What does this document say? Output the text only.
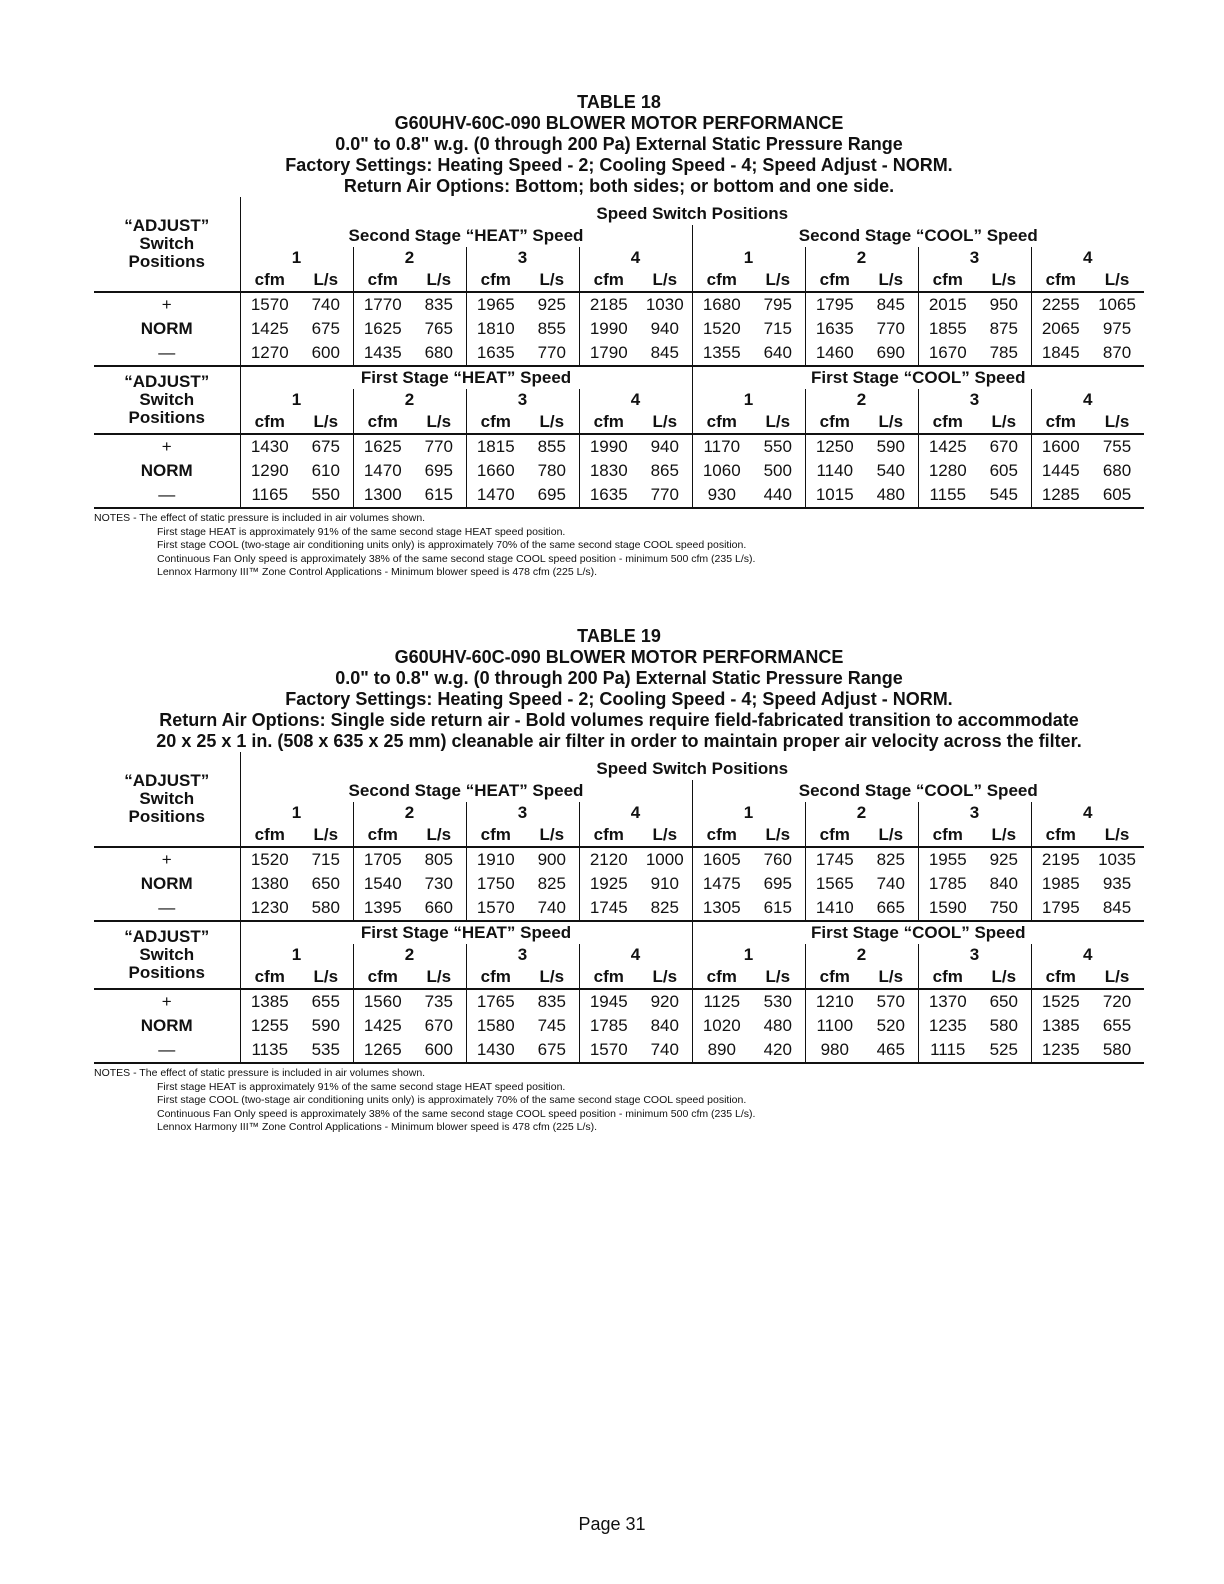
TABLE 18
G60UHV-60C-090 BLOWER MOTOR PERFORMANCE
0.0" to 0.8" w.g. (0 through 200 Pa) External Static Pressure Range
Factory Settings: Heating Speed - 2; Cooling Speed - 4; Speed Adjust - NORM.
Return Air Options: Bottom; both sides; or bottom and one side.
“ADJUST”
Switch
Positions	Speed Switch Positions															
	Second Stage “HEAT” Speed								Second Stage “COOL” Speed							
	1		2		3		4		1		2		3		4	
	cfm	L/s	cfm	L/s	cfm	L/s	cfm	L/s	cfm	L/s	cfm	L/s	cfm	L/s	cfm	L/s
+	1570	740	1770	835	1965	925	2185	1030	1680	795	1795	845	2015	950	2255	1065
NORM	1425	675	1625	765	1810	855	1990	940	1520	715	1635	770	1855	875	2065	975
—	1270	600	1435	680	1635	770	1790	845	1355	640	1460	690	1670	785	1845	870

“ADJUST”
Switch
Positions	First Stage “HEAT” Speed								First Stage “COOL” Speed							
	1		2		3		4		1		2		3		4	
	cfm	L/s	cfm	L/s	cfm	L/s	cfm	L/s	cfm	L/s	cfm	L/s	cfm	L/s	cfm	L/s
+	1430	675	1625	770	1815	855	1990	940	1170	550	1250	590	1425	670	1600	755
NORM	1290	610	1470	695	1660	780	1830	865	1060	500	1140	540	1280	605	1445	680
—	1165	550	1300	615	1470	695	1635	770	930	440	1015	480	1155	545	1285	605
NOTES - The effect of static pressure is included in air volumes shown.
First stage HEAT is approximately 91% of the same second stage HEAT speed position.
First stage COOL (two-stage air conditioning units only) is approximately 70% of the same second stage COOL speed position.
Continuous Fan Only speed is approximately 38% of the same second stage COOL speed position - minimum 500 cfm (235 L/s).
Lennox Harmony III™ Zone Control Applications - Minimum blower speed is 478 cfm (225 L/s).
TABLE 19
G60UHV-60C-090 BLOWER MOTOR PERFORMANCE
0.0" to 0.8" w.g. (0 through 200 Pa) External Static Pressure Range
Factory Settings: Heating Speed - 2; Cooling Speed - 4; Speed Adjust - NORM.
Return Air Options: Single side return air - Bold volumes require field-fabricated transition to accommodate
20 x 25 x 1 in. (508 x 635 x 25 mm) cleanable air filter in order to maintain proper air velocity across the filter.
“ADJUST”
Switch
Positions	Speed Switch Positions															
	Second Stage “HEAT” Speed								Second Stage “COOL” Speed							
	1		2		3		4		1		2		3		4	
	cfm	L/s	cfm	L/s	cfm	L/s	cfm	L/s	cfm	L/s	cfm	L/s	cfm	L/s	cfm	L/s
+	1520	715	1705	805	1910	900	2120	1000	1605	760	1745	825	1955	925	2195	1035
NORM	1380	650	1540	730	1750	825	1925	910	1475	695	1565	740	1785	840	1985	935
—	1230	580	1395	660	1570	740	1745	825	1305	615	1410	665	1590	750	1795	845

“ADJUST”
Switch
Positions	First Stage “HEAT” Speed								First Stage “COOL” Speed							
	1		2		3		4		1		2		3		4	
	cfm	L/s	cfm	L/s	cfm	L/s	cfm	L/s	cfm	L/s	cfm	L/s	cfm	L/s	cfm	L/s
+	1385	655	1560	735	1765	835	1945	920	1125	530	1210	570	1370	650	1525	720
NORM	1255	590	1425	670	1580	745	1785	840	1020	480	1100	520	1235	580	1385	655
—	1135	535	1265	600	1430	675	1570	740	890	420	980	465	1115	525	1235	580
NOTES - The effect of static pressure is included in air volumes shown.
First stage HEAT is approximately 91% of the same second stage HEAT speed position.
First stage COOL (two-stage air conditioning units only) is approximately 70% of the same second stage COOL speed position.
Continuous Fan Only speed is approximately 38% of the same second stage COOL speed position - minimum 500 cfm (235 L/s).
Lennox Harmony III™ Zone Control Applications - Minimum blower speed is 478 cfm (225 L/s).
Page 31
